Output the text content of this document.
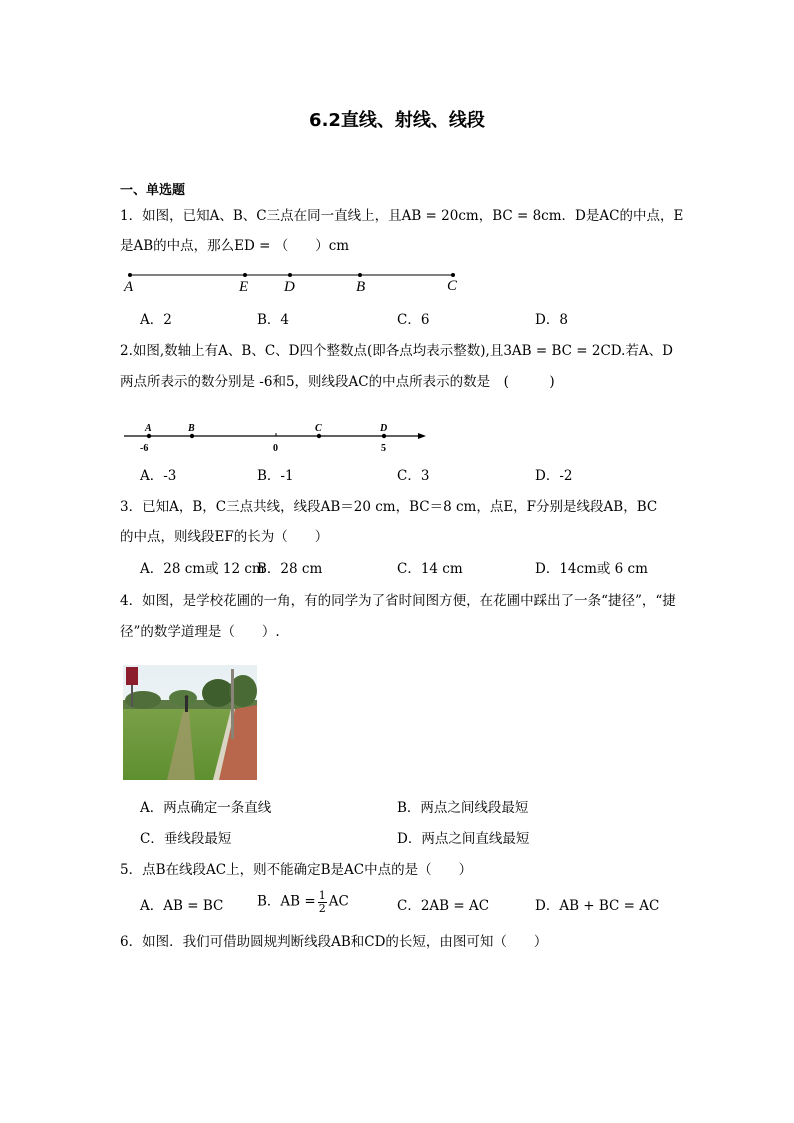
6.2直线、射线、线段
一、单选题
1．如图，已知A、B、C三点在同一直线上，且AB = 20cm，BC = 8cm．D是AC的中点，E
是AB的中点，那么ED = （　　）cm
A	E D	B	C
A．2	B．4	C．6	D．8
2.如图,数轴上有A、B、C、D四个整数点(即各点均表示整数),且3AB = BC = 2CD.若A、D
两点所表示的数分别是 -6和5，则线段AC的中点所表示的数是　(　　　)
A	B	C	D
-6	0	5
A．-3	B．-1	C．3	D．-2
3．已知A，B，C三点共线，线段AB＝20 cm，BC＝8 cm，点E，F分别是线段AB，BC
的中点，则线段EF的长为（　　）
A．28 cm或 12 cm
B．28 cm	C．14 cm	D．14cm或 6 cm
4．如图，是学校花圃的一角，有的同学为了省时间图方便，在花圃中踩出了一条“捷径”，“捷
径”的数学道理是（　　）.
A．两点确定一条直线	B．两点之间线段最短
C．垂线段最短	D．两点之间直线最短
5．点B在线段AC上，则不能确定B是AC中点的是（　　）
A．AB = BC B．AB = $\frac{1}{2}$ AC	C．2AB = AC	D．AB + BC = AC
6．如图．我们可借助圆规判断线段AB和CD的长短，由图可知（　　）
